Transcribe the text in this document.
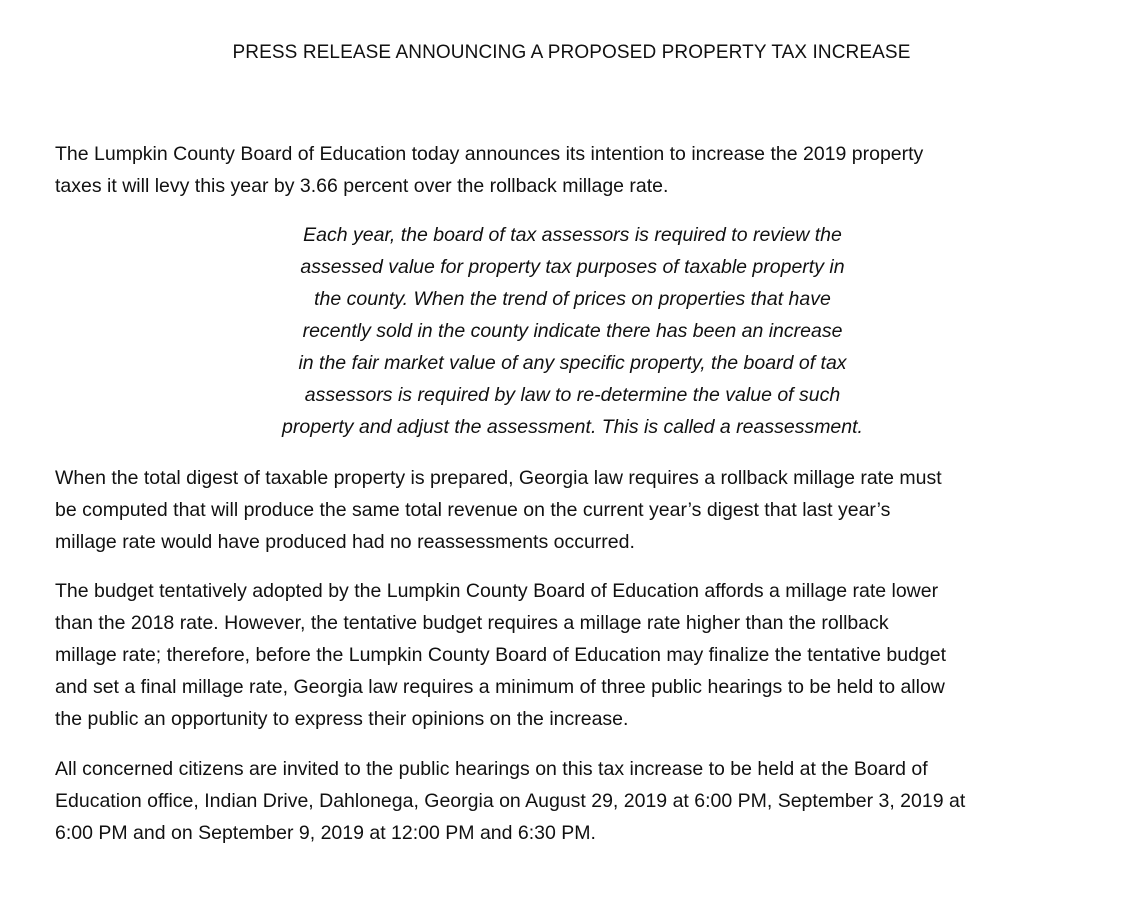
PRESS RELEASE ANNOUNCING A PROPOSED PROPERTY TAX INCREASE

The Lumpkin County Board of Education today announces its intention to increase the 2019 property
taxes it will levy this year by 3.66 percent over the rollback millage rate.

Each year, the board of tax assessors is required to review the
assessed value for property tax purposes of taxable property in
the county. When the trend of prices on properties that have
recently sold in the county indicate there has been an increase
in the fair market value of any specific property, the board of tax
assessors is required by law to re-determine the value of such
property and adjust the assessment. This is called a reassessment.

When the total digest of taxable property is prepared, Georgia law requires a rollback millage rate must
be computed that will produce the same total revenue on the current year’s digest that last year’s
millage rate would have produced had no reassessments occurred.

The budget tentatively adopted by the Lumpkin County Board of Education affords a millage rate lower
than the 2018 rate. However, the tentative budget requires a millage rate higher than the rollback
millage rate; therefore, before the Lumpkin County Board of Education may finalize the tentative budget
and set a final millage rate, Georgia law requires a minimum of three public hearings to be held to allow
the public an opportunity to express their opinions on the increase.

All concerned citizens are invited to the public hearings on this tax increase to be held at the Board of
Education office, Indian Drive, Dahlonega, Georgia on August 29, 2019 at 6:00 PM, September 3, 2019 at
6:00 PM and on September 9, 2019 at 12:00 PM and 6:30 PM.
